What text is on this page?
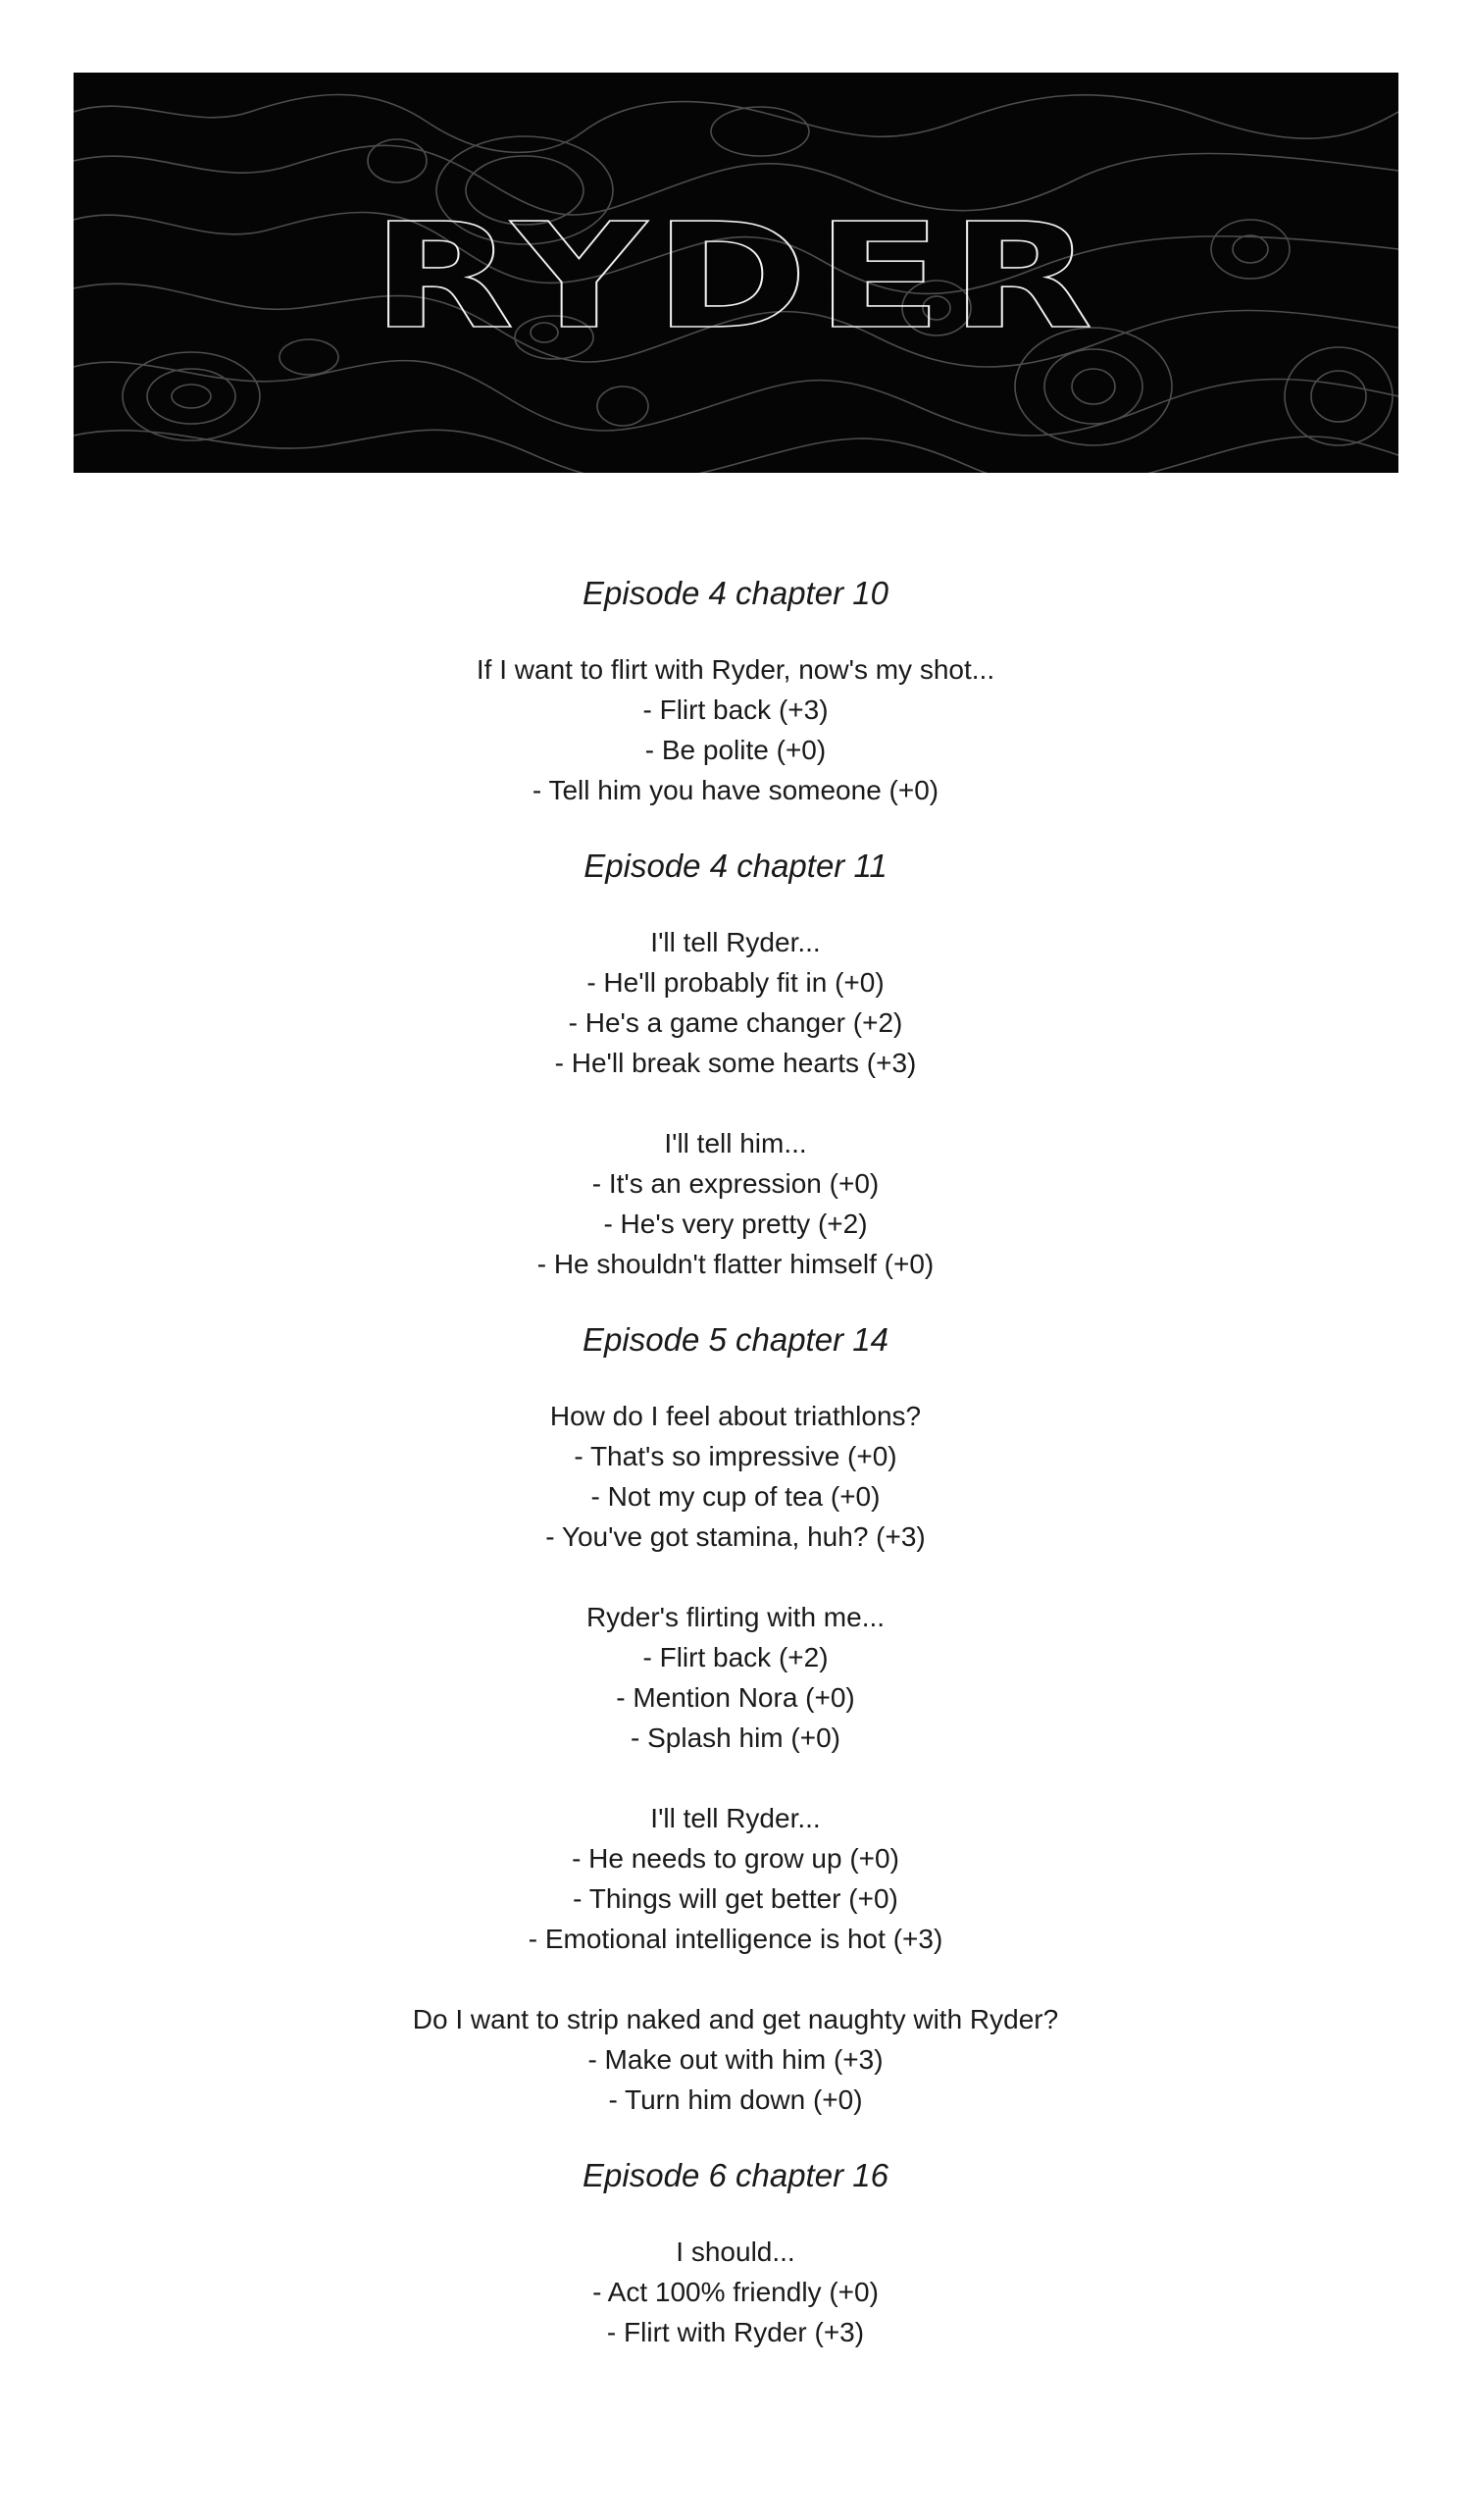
RYDER
Episode 4 chapter 10
If I want to flirt with Ryder, now's my shot...
- Flirt back (+3)
- Be polite (+0)
- Tell him you have someone (+0)
Episode 4 chapter 11
I'll tell Ryder...
- He'll probably fit in (+0)
- He's a game changer (+2)
- He'll break some hearts (+3)
I'll tell him...
- It's an expression (+0)
- He's very pretty (+2)
- He shouldn't flatter himself (+0)
Episode 5 chapter 14
How do I feel about triathlons?
- That's so impressive (+0)
- Not my cup of tea (+0)
- You've got stamina, huh? (+3)
Ryder's flirting with me...
- Flirt back (+2)
- Mention Nora (+0)
- Splash him (+0)
I'll tell Ryder...
- He needs to grow up (+0)
- Things will get better (+0)
- Emotional intelligence is hot (+3)
Do I want to strip naked and get naughty with Ryder?
- Make out with him (+3)
- Turn him down (+0)
Episode 6 chapter 16
I should...
- Act 100% friendly (+0)
- Flirt with Ryder (+3)
